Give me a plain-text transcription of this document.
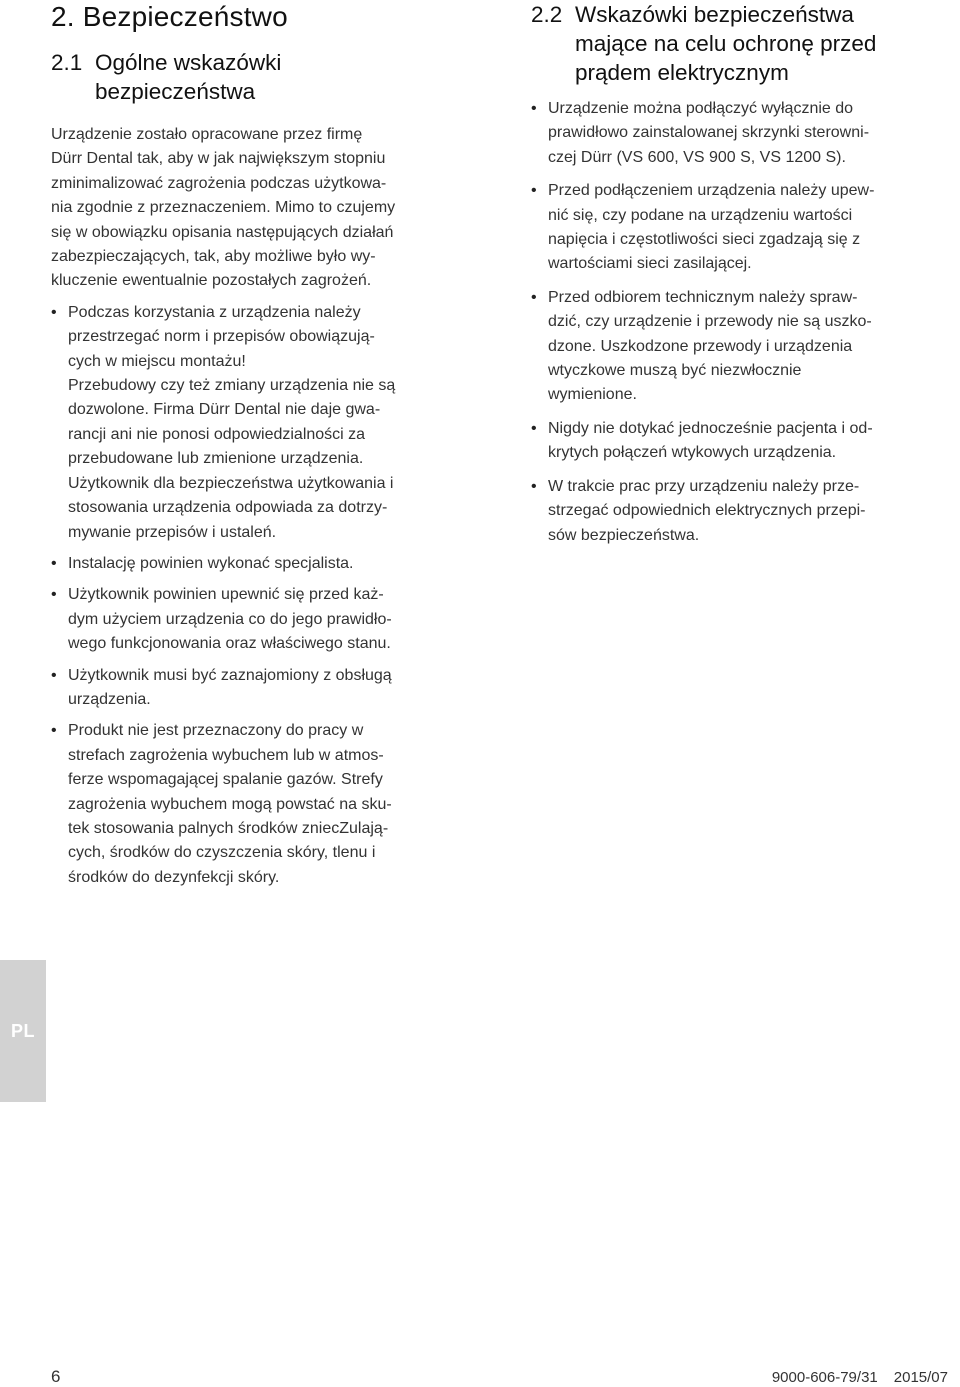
2. Bezpieczeństwo
2.1 Ogólne wskazówki
bezpieczeństwa
Urządzenie zostało opracowane przez firmę
Dürr Dental tak, aby w jak największym stopniu
zminimalizować zagrożenia podczas użytkowa-
nia zgodnie z przeznaczeniem. Mimo to czujemy
się w obowiązku opisania następujących działań
zabezpieczających, tak, aby możliwe było wy-
kluczenie ewentualnie pozostałych zagrożeń.
• Podczas korzystania z urządzenia należy
przestrzegać norm i przepisów obowiązują-
cych w miejscu montażu!
Przebudowy czy też zmiany urządzenia nie są
dozwolone. Firma Dürr Dental nie daje gwa-
rancji ani nie ponosi odpowiedzialności za
przebudowane lub zmienione urządzenia.
Użytkownik dla bezpieczeństwa użytkowania i
stosowania urządzenia odpowiada za dotrzy-
mywanie przepisów i ustaleń.
• Instalację powinien wykonać specjalista.
• Użytkownik powinien upewnić się przed każ-
dym użyciem urządzenia co do jego prawidło-
wego funkcjonowania oraz właściwego stanu.
• Użytkownik musi być zaznajomiony z obsługą
urządzenia.
• Produkt nie jest przeznaczony do pracy w
strefach zagrożenia wybuchem lub w atmos-
ferze wspomagającej spalanie gazów. Strefy
zagrożenia wybuchem mogą powstać na sku-
tek stosowania palnych środków zniecZulają-
cych, środków do czyszczenia skóry, tlenu i
środków do dezynfekcji skóry.
2.2 Wskazówki bezpieczeństwa
mające na celu ochronę przed
prądem elektrycznym
• Urządzenie można podłączyć wyłącznie do
prawidłowo zainstalowanej skrzynki sterowni-
czej Dürr (VS 600, VS 900 S, VS 1200 S).
• Przed podłączeniem urządzenia należy upew-
nić się, czy podane na urządzeniu wartości
napięcia i częstotliwości sieci zgadzają się z
wartościami sieci zasilającej.
• Przed odbiorem technicznym należy spraw-
dzić, czy urządzenie i przewody nie są uszko-
dzone. Uszkodzone przewody i urządzenia
wtyczkowe muszą być niezwłocznie
wymienione.
• Nigdy nie dotykać jednocześnie pacjenta i od-
krytych połączeń wtykowych urządzenia.
• W trakcie prac przy urządzeniu należy prze-
strzegać odpowiednich elektrycznych przepi-
sów bezpieczeństwa.
PL
6	9000-606-79/31 2015/07
